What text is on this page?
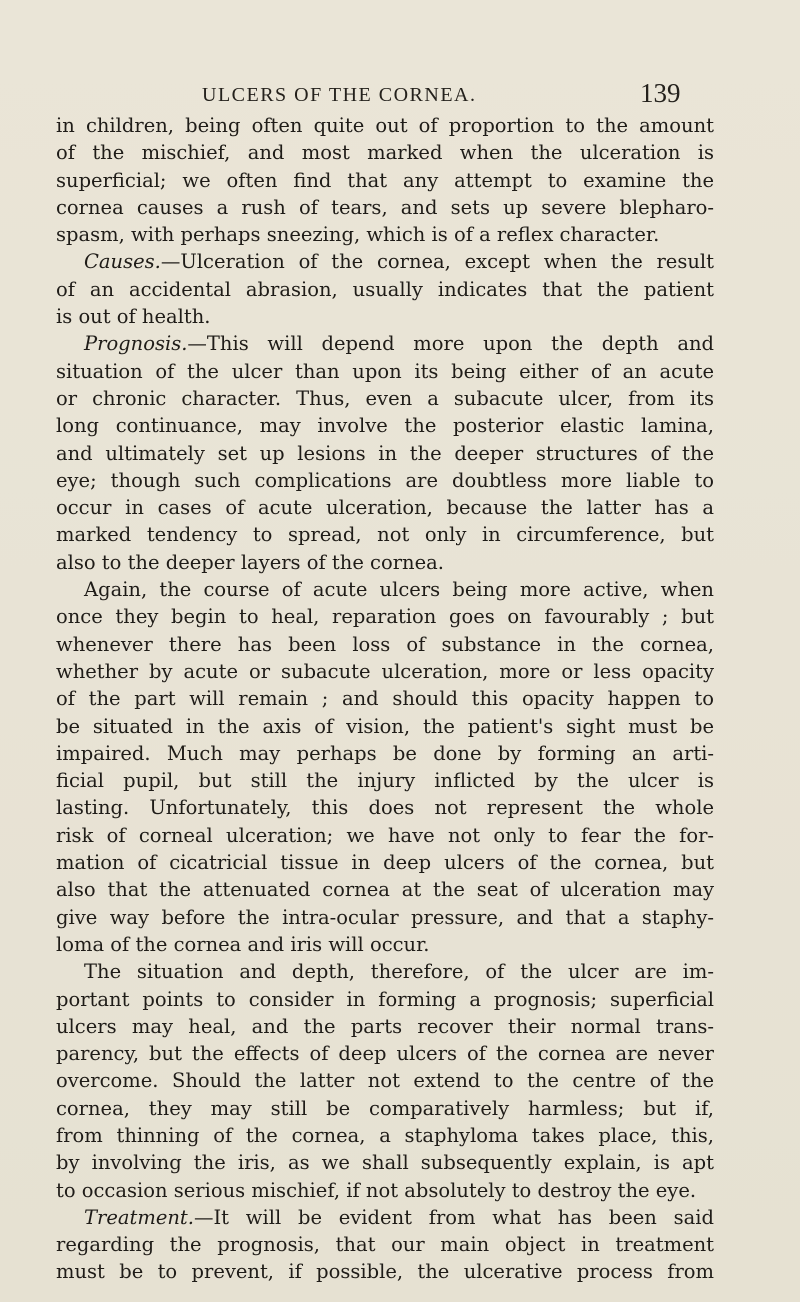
ULCERS OF THE CORNEA.	139
in children, being often quite out of proportion to the amount
of the mischief, and most marked when the ulceration is
superficial; we often find that any attempt to examine the
cornea causes a rush of tears, and sets up severe blepharo-
spasm, with perhaps sneezing, which is of a reflex character.
Causes.—Ulceration of the cornea, except when the result
of an accidental abrasion, usually indicates that the patient
is out of health.
Prognosis.—This will depend more upon the depth and
situation of the ulcer than upon its being either of an acute
or chronic character. Thus, even a subacute ulcer, from its
long continuance, may involve the posterior elastic lamina,
and ultimately set up lesions in the deeper structures of the
eye; though such complications are doubtless more liable to
occur in cases of acute ulceration, because the latter has a
marked tendency to spread, not only in circumference, but
also to the deeper layers of the cornea.
Again, the course of acute ulcers being more active, when
once they begin to heal, reparation goes on favourably ; but
whenever there has been loss of substance in the cornea,
whether by acute or subacute ulceration, more or less opacity
of the part will remain ; and should this opacity happen to
be situated in the axis of vision, the patient's sight must be
impaired. Much may perhaps be done by forming an arti-
ficial pupil, but still the injury inflicted by the ulcer is
lasting. Unfortunately, this does not represent the whole
risk of corneal ulceration; we have not only to fear the for-
mation of cicatricial tissue in deep ulcers of the cornea, but
also that the attenuated cornea at the seat of ulceration may
give way before the intra-ocular pressure, and that a staphy-
loma of the cornea and iris will occur.
The situation and depth, therefore, of the ulcer are im-
portant points to consider in forming a prognosis; superficial
ulcers may heal, and the parts recover their normal trans-
parency, but the effects of deep ulcers of the cornea are never
overcome. Should the latter not extend to the centre of the
cornea, they may still be comparatively harmless; but if,
from thinning of the cornea, a staphyloma takes place, this,
by involving the iris, as we shall subsequently explain, is apt
to occasion serious mischief, if not absolutely to destroy the eye.
Treatment.—It will be evident from what has been said
regarding the prognosis, that our main object in treatment
must be to prevent, if possible, the ulcerative process from
